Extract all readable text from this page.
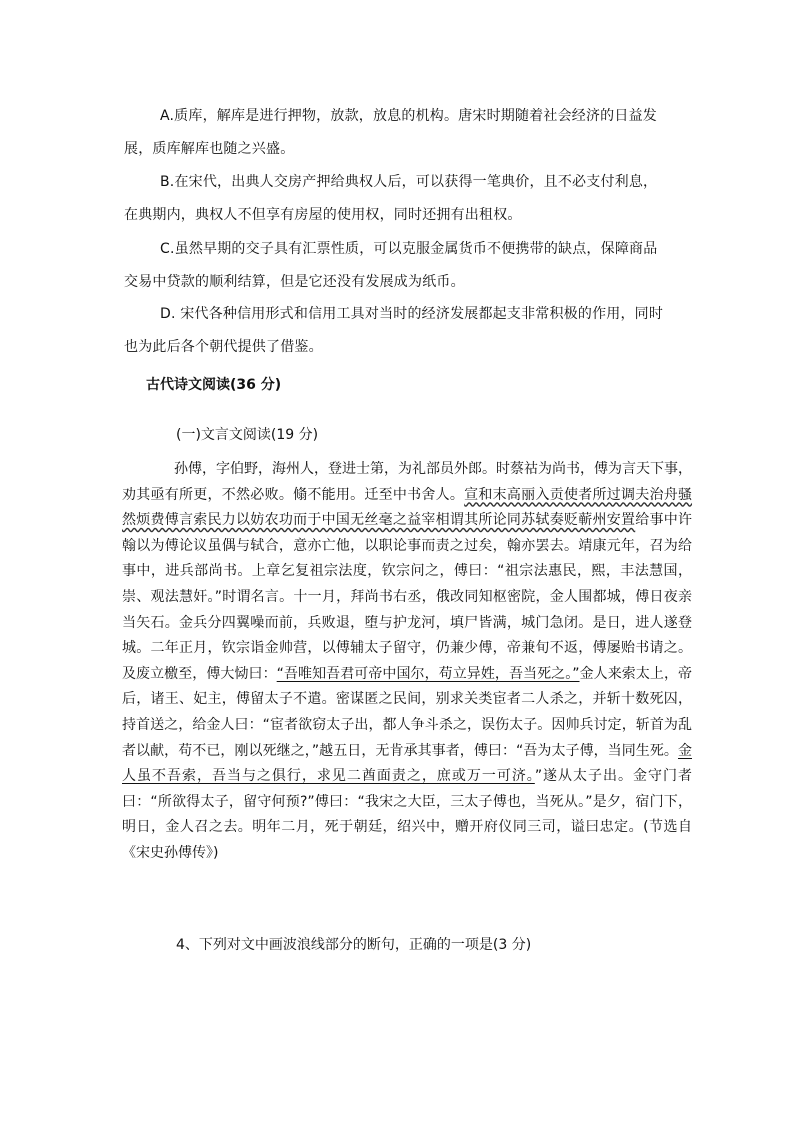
A.质库，解库是进行押物，放款，放息的机构。唐宋时期随着社会经济的日益发展，质库解库也随之兴盛。

B.在宋代，出典人交房产押给典权人后，可以获得一笔典价，且不必支付利息，在典期内，典权人不但享有房屋的使用权，同时还拥有出租权。

C.虽然早期的交子具有汇票性质，可以克服金属货币不便携带的缺点，保障商品交易中贷款的顺利结算，但是它还没有发展成为纸币。

D. 宋代各种信用形式和信用工具对当时的经济发展都起支非常积极的作用，同时也为此后各个朝代提供了借鉴。

古代诗文阅读(36 分)

(一)文言文阅读(19 分)

孙傅，字伯野，海州人，登进士第，为礼部员外郎。时蔡祜为尚书，傅为言天下事，劝其亟有所更，不然必败。翛不能用。迁至中书舍人。宣和末高丽入贡使者所过调夫治舟骚然烦费傅言索民力以妨农功而于中国无丝毫之益宰相谓其所论同苏轼奏贬蕲州安置给事中许翰以为傅论议虽偶与轼合，意亦亡他，以职论事而责之过矣，翰亦罢去。靖康元年，召为给事中，进兵部尚书。上章乞复祖宗法度，钦宗问之，傅曰：“祖宗法惠民，熙，丰法慧国，崇、观法慧奸。”时谓名言。十一月，拜尚书右丞，俄改同知枢密院，金人围都城，傅日夜亲当矢石。金兵分四翼噪而前，兵败退，堕与护龙河，填尸皆满，城门急闭。是日，进人遂登城。二年正月，钦宗诣金帅营，以傅辅太子留守，仍兼少傅，帝兼旬不返，傅屡贻书请之。及废立檄至，傅大恸曰：“吾唯知吾君可帝中国尔，苟立异姓，吾当死之。”金人来索太上，帝后，诸王、妃主，傅留太子不遣。密谋匿之民间，别求关类宦者二人杀之，并斩十数死囚，持首送之，给金人曰：“宦者欲窃太子出，都人争斗杀之，误伤太子。因帅兵讨定，斩首为乱者以献，苟不已，刚以死继之，”越五日，无肯承其事者，傅曰：“吾为太子傅，当同生死。金人虽不吾索，吾当与之俱行，求见二酋面责之，庶或万一可济。”遂从太子出。金守门者曰：“所欲得太子，留守何预?”傅曰：“我宋之大臣，三太子傅也，当死从。”是夕，宿门下，明日，金人召之去。明年二月，死于朝廷，绍兴中，赠开府仪同三司，谥曰忠定。(节选自《宋史孙傅传》)

4、下列对文中画波浪线部分的断句，正确的一项是(3 分)
